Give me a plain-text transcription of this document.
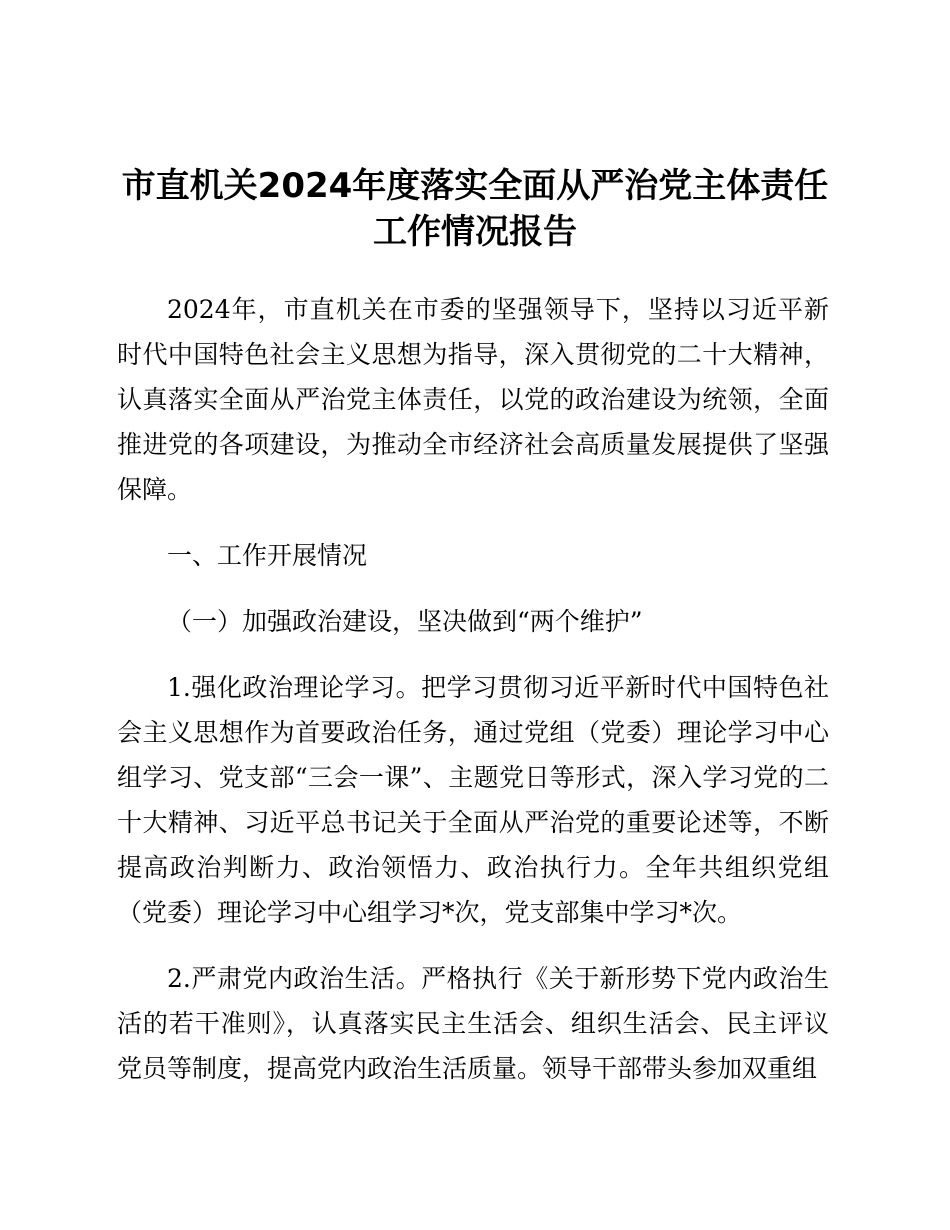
市直机关2024年度落实全面从严治党主体责任工作情况报告

2024年，市直机关在市委的坚强领导下，坚持以习近平新时代中国特色社会主义思想为指导，深入贯彻党的二十大精神，认真落实全面从严治党主体责任，以党的政治建设为统领，全面推进党的各项建设，为推动全市经济社会高质量发展提供了坚强保障。

一、工作开展情况

（一）加强政治建设，坚决做到“两个维护”

1.强化政治理论学习。把学习贯彻习近平新时代中国特色社会主义思想作为首要政治任务，通过党组（党委）理论学习中心组学习、党支部“三会一课”、主题党日等形式，深入学习党的二十大精神、习近平总书记关于全面从严治党的重要论述等，不断提高政治判断力、政治领悟力、政治执行力。全年共组织党组（党委）理论学习中心组学习*次，党支部集中学习*次。

2.严肃党内政治生活。严格执行《关于新形势下党内政治生活的若干准则》，认真落实民主生活会、组织生活会、民主评议党员等制度，提高党内政治生活质量。领导干部带头参加双重组
